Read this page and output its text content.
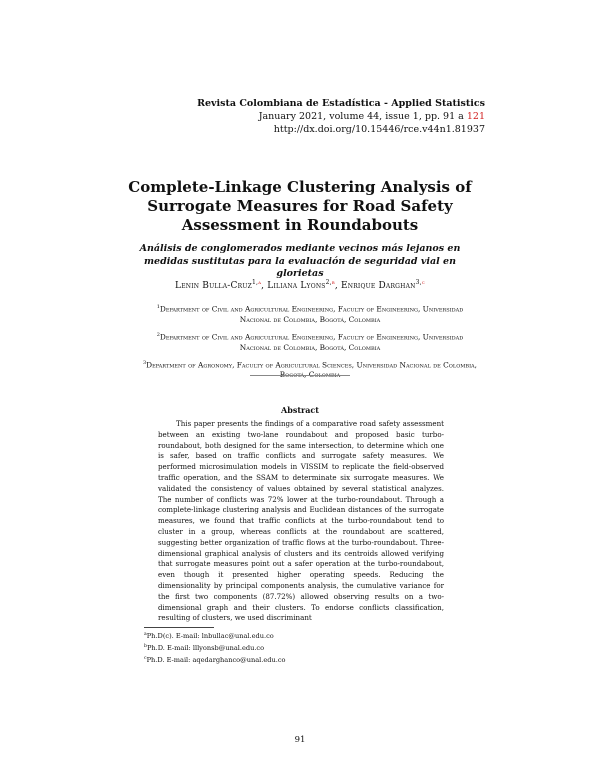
Revista Colombiana de Estadística - Applied Statistics
January 2021, volume 44, issue 1, pp. 91 a 121
http://dx.doi.org/10.15446/rce.v44n1.81937
Complete-Linkage Clustering Analysis of Surrogate Measures for Road Safety Assessment in Roundabouts
Análisis de conglomerados mediante vecinos más lejanos en medidas sustitutas para la evaluación de seguridad vial en glorietas
Lenin Bulla-Cruz$^{1,a}$, Liliana Lyons$^{2,b}$, Enrique Darghan$^{3,c}$
$^1$Department of Civil and Agricultural Engineering, Faculty of Engineering, Universidad Nacional de Colombia, Bogotá, Colombia
$^2$Department of Civil and Agricultural Engineering, Faculty of Engineering, Universidad Nacional de Colombia, Bogotá, Colombia
$^3$Department of Agronomy, Faculty of Agricultural Sciences, Universidad Nacional de Colombia, Bogotá, Colombia
Abstract

This paper presents the findings of a comparative road safety assessment between an existing two-lane roundabout and proposed basic turbo-roundabout, both designed for the same intersection, to determine which one is safer, based on traffic conflicts and surrogate safety measures. We performed microsimulation models in VISSIM to replicate the field-observed traffic operation, and the SSAM to determinate six surrogate measures. We validated the consistency of values obtained by several statistical analyzes. The number of conflicts was 72% lower at the turbo-roundabout. Through a complete-linkage clustering analysis and Euclidean distances of the surrogate measures, we found that traffic conflicts at the turbo-roundabout tend to cluster in a group, whereas conflicts at the roundabout are scattered, suggesting better organization of traffic flows at the turbo-roundabout. Three-dimensional graphical analysis of clusters and its centroids allowed verifying that surrogate measures point out a safer operation at the turbo-roundabout, even though it presented higher operating speeds. Reducing the dimensionality by principal components analysis, the cumulative variance for the first two components (87.72%) allowed observing results on a two-dimensional graph and their clusters. To endorse conflicts classification, resulting of clusters, we used discriminant

$^a$Ph.D(c). E-mail: lnbullac@unal.edu.co
$^b$Ph.D. E-mail: lllyonsb@unal.edu.co
$^c$Ph.D. E-mail: aqedarghanco@unal.edu.co
91
